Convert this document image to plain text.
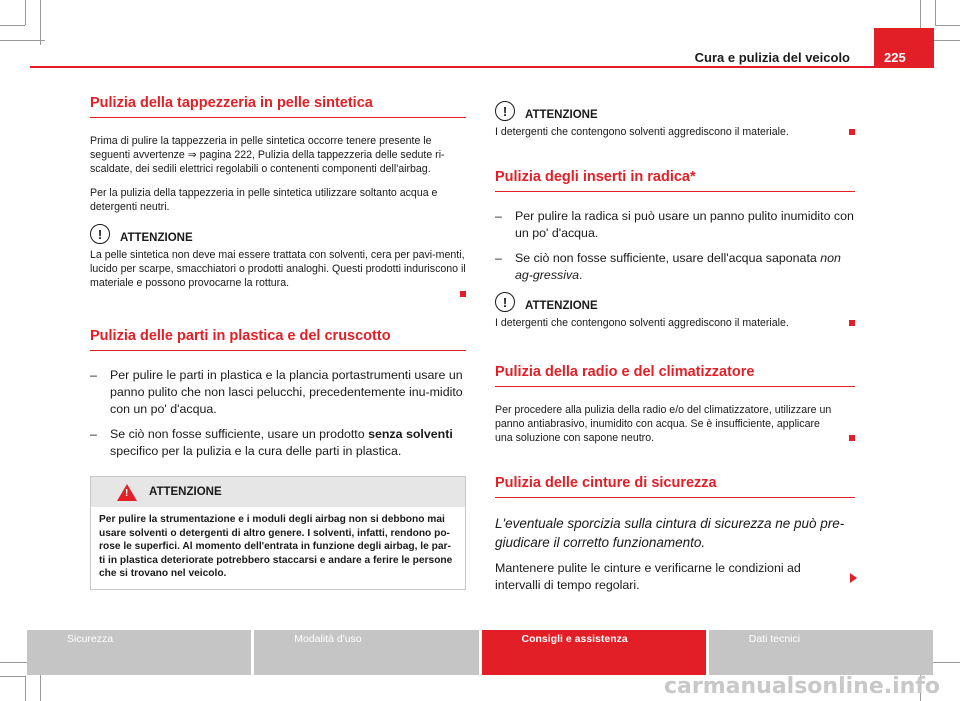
Cura e pulizia del veicolo	225
Pulizia della tappezzeria in pelle sintetica

Prima di pulire la tappezzeria in pelle sintetica occorre tenere presente le seguenti avvertenze ⇒ pagina 222, Pulizia della tappezzeria delle sedute ri-scaldate, dei sedili elettrici regolabili o contenenti componenti dell'airbag.

Per la pulizia della tappezzeria in pelle sintetica utilizzare soltanto acqua e detergenti neutri.

!	ATTENZIONE
La pelle sintetica non deve mai essere trattata con solventi, cera per pavi-menti, lucido per scarpe, smacchiatori o prodotti analoghi. Questi prodotti induriscono il materiale e possono provocarne la rottura.
Pulizia delle parti in plastica e del cruscotto
–	Per pulire le parti in plastica e la plancia portastrumenti usare un panno pulito che non lasci pelucchi, precedentemente inu-midito con un po' d'acqua.
–	Se ciò non fosse sufficiente, usare un prodotto senza solventi specifico per la pulizia e la cura delle parti in plastica.
! ATTENZIONE
Per pulire la strumentazione e i moduli degli airbag non si debbono mai usare solventi o detergenti di altro genere. I solventi, infatti, rendono po-rose le superfici. Al momento dell'entrata in funzione degli airbag, le par-ti in plastica deteriorate potrebbero staccarsi e andare a ferire le persone che si trovano nel veicolo.
!	ATTENZIONE
I detergenti che contengono solventi aggrediscono il materiale.
Pulizia degli inserti in radica*
–	Per pulire la radica si può usare un panno pulito inumidito con un po' d'acqua.
–	Se ciò non fosse sufficiente, usare dell'acqua saponata non ag-gressiva.
!	ATTENZIONE
I detergenti che contengono solventi aggrediscono il materiale.
Pulizia della radio e del climatizzatore
Per procedere alla pulizia della radio e/o del climatizzatore, utilizzare un panno antiabrasivo, inumidito con acqua. Se è insufficiente, applicare una soluzione con sapone neutro.
Pulizia delle cinture di sicurezza

L'eventuale sporcizia sulla cintura di sicurezza ne può pre-giudicare il corretto funzionamento.

Mantenere pulite le cinture e verificarne le condizioni ad intervalli di tempo regolari.

Sicurezza	Modalità d'uso	Consigli e assistenza	Dati tecnici
carmanualsonline.info
